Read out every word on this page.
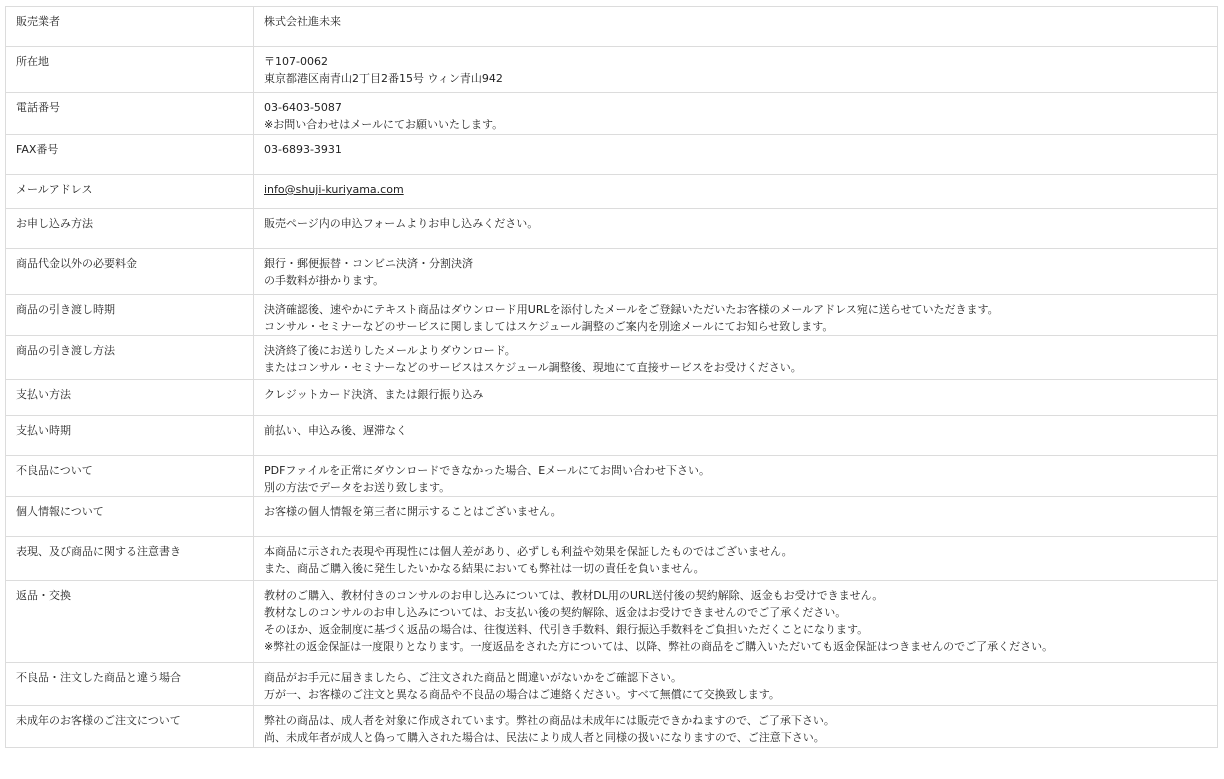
販売業者	株式会社進未来

所在地	〒107-0062
東京都港区南青山2丁目2番15号 ウィン青山942

電話番号	03-6403-5087
※お問い合わせはメールにてお願いいたします。

FAX番号	03-6893-3931

メールアドレス	info@shuji-kuriyama.com

お申し込み方法	販売ページ内の申込フォームよりお申し込みください。

商品代金以外の必要料金	銀行・郵便振替・コンビニ決済・分割決済
の手数料が掛かります。

商品の引き渡し時期	決済確認後、速やかにテキスト商品はダウンロード用URLを添付したメールをご登録いただいたお客様のメールアドレス宛に送らせていただきます。
コンサル・セミナーなどのサービスに関しましてはスケジュール調整のご案内を別途メールにてお知らせ致します。

商品の引き渡し方法	決済終了後にお送りしたメールよりダウンロード。
またはコンサル・セミナーなどのサービスはスケジュール調整後、現地にて直接サービスをお受けください。

支払い方法	クレジットカード決済、または銀行振り込み

支払い時期	前払い、申込み後、遅滞なく

不良品について	PDFファイルを正常にダウンロードできなかった場合、Eメールにてお問い合わせ下さい。
別の方法でデータをお送り致します。

個人情報について	お客様の個人情報を第三者に開示することはございません。

表現、及び商品に関する注意書き	本商品に示された表現や再現性には個人差があり、必ずしも利益や効果を保証したものではございません。
また、商品ご購入後に発生したいかなる結果においても弊社は一切の責任を負いません。

返品・交換	教材のご購入、教材付きのコンサルのお申し込みについては、教材DL用のURL送付後の契約解除、返金もお受けできません。
教材なしのコンサルのお申し込みについては、お支払い後の契約解除、返金はお受けできませんのでご了承ください。
そのほか、返金制度に基づく返品の場合は、往復送料、代引き手数料、銀行振込手数料をご負担いただくことになります。
※弊社の返金保証は一度限りとなります。一度返品をされた方については、以降、弊社の商品をご購入いただいても返金保証はつきませんのでご了承ください。

不良品・注文した商品と違う場合	商品がお手元に届きましたら、ご注文された商品と間違いがないかをご確認下さい。
万が一、お客様のご注文と異なる商品や不良品の場合はご連絡ください。すべて無償にて交換致します。

未成年のお客様のご注文について	弊社の商品は、成人者を対象に作成されています。弊社の商品は未成年には販売できかねますので、ご了承下さい。
尚、未成年者が成人と偽って購入された場合は、民法により成人者と同様の扱いになりますので、ご注意下さい。
